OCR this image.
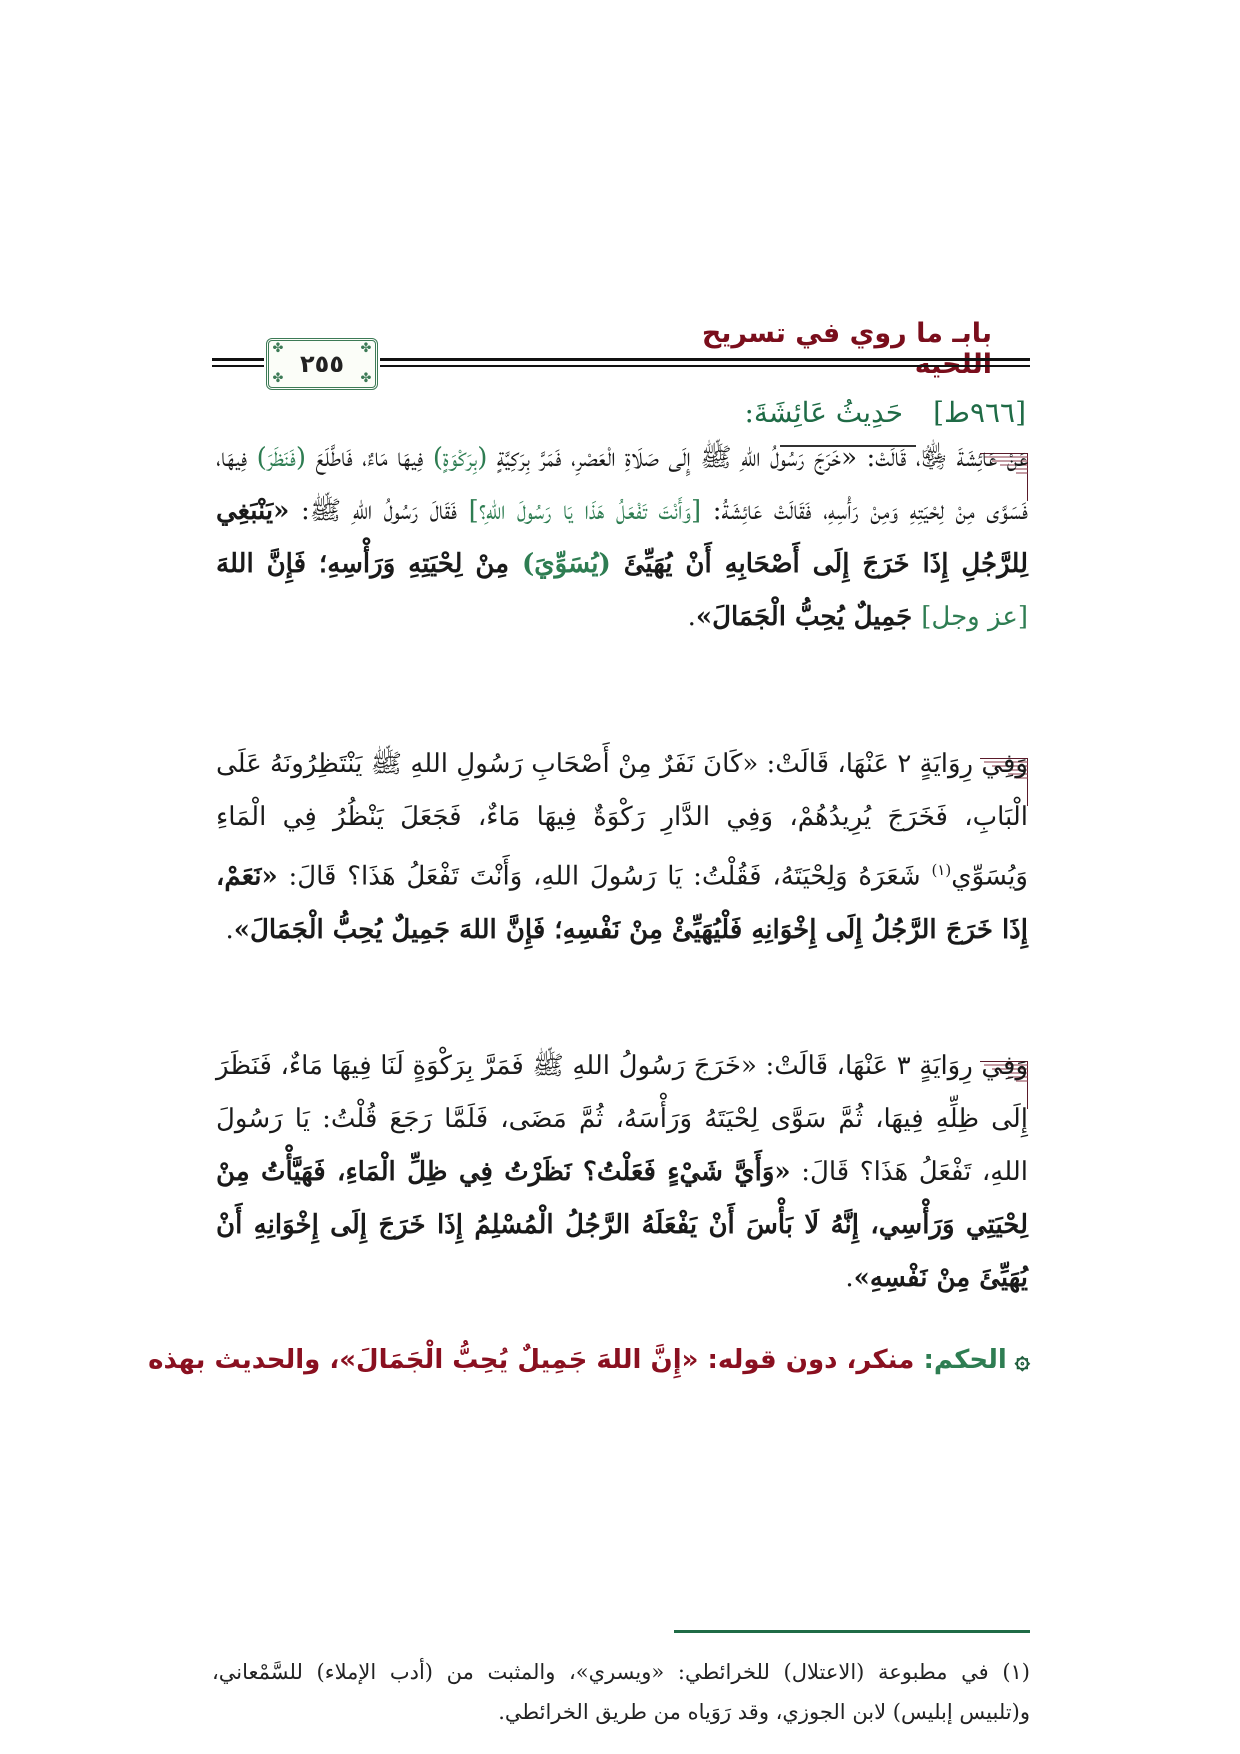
بابـ ما روي في تسريح
✤	✤
✤	✤
٢٥٥
[٩٦٦ط]حَدِيثُ عَائِشَةَ:
عَنْ عَائِشَةَ ﵂، قَالَتْ: «خَرَجَ رَسُولُ اللهِ ﷺ إِلَى صَلَاةِ الْعَصْرِ، فَمَرَّ بِرَكِيَّةٍ (بِرَكْوَةٍ) فِيهَا مَاءٌ، فَاطَّلَعَ (فَنَظَرَ) فِيهَا، فَسَوَّى مِنْ لِحْيَتِهِ وَمِنْ رَأْسِهِ، فَقَالَتْ عَائِشَةُ: [وَأَنْتَ تَفْعَلُ هَذَا يَا رَسُولَ اللهِ؟] فَقَالَ رَسُولُ اللهِ ﷺ: «يَنْبَغِي لِلرَّجُلِ إِذَا خَرَجَ إِلَى أَصْحَابِهِ أَنْ يُهَيِّئَ (يُسَوِّيَ) مِنْ لِحْيَتِهِ وَرَأْسِهِ؛ فَإِنَّ اللهَ [عز وجل] جَمِيلٌ يُحِبُّ الْجَمَالَ».
وَفِي رِوَايَةٍ ٢ عَنْهَا، قَالَتْ: «كَانَ نَفَرٌ مِنْ أَصْحَابِ رَسُولِ اللهِ ﷺ يَنْتَظِرُونَهُ عَلَى الْبَابِ، فَخَرَجَ يُرِيدُهُمْ، وَفِي الدَّارِ رَكْوَةٌ فِيهَا مَاءٌ، فَجَعَلَ يَنْظُرُ فِي الْمَاءِ وَيُسَوِّي$^{(١)}$ شَعَرَهُ وَلِحْيَتَهُ، فَقُلْتُ: يَا رَسُولَ اللهِ، وَأَنْتَ تَفْعَلُ هَذَا؟ قَالَ: «نَعَمْ، إِذَا خَرَجَ الرَّجُلُ إِلَى إِخْوَانِهِ فَلْيُهَيِّئْ مِنْ نَفْسِهِ؛ فَإِنَّ اللهَ جَمِيلٌ يُحِبُّ الْجَمَالَ».
وَفِي رِوَايَةٍ ٣ عَنْهَا، قَالَتْ: «خَرَجَ رَسُولُ اللهِ ﷺ فَمَرَّ بِرَكْوَةٍ لَنَا فِيهَا مَاءٌ، فَنَظَرَ إِلَى ظِلِّهِ فِيهَا، ثُمَّ سَوَّى لِحْيَتَهُ وَرَأْسَهُ، ثُمَّ مَضَى، فَلَمَّا رَجَعَ قُلْتُ: يَا رَسُولَ اللهِ، تَفْعَلُ هَذَا؟ قَالَ: «وَأَيَّ شَيْءٍ فَعَلْتُ؟ نَظَرْتُ فِي ظِلِّ الْمَاءِ، فَهَيَّأْتُ مِنْ لِحْيَتِي وَرَأْسِي، إِنَّهُ لَا بَأْسَ أَنْ يَفْعَلَهُ الرَّجُلُ الْمُسْلِمُ إِذَا خَرَجَ إِلَى إِخْوَانِهِ أَنْ يُهَيِّئَ مِنْ نَفْسِهِ».
۞الحكم: منكر، دون قوله: «إِنَّ اللهَ جَمِيلٌ يُحِبُّ الْجَمَالَ»، والحديث بهذه
(١) في مطبوعة (الاعتلال) للخرائطي: «ويسري»، والمثبت من (أدب الإملاء) للسَّمْعاني، و(تلبيس إبليس) لابن الجوزي، وقد رَوَياه من طريق الخرائطي.
